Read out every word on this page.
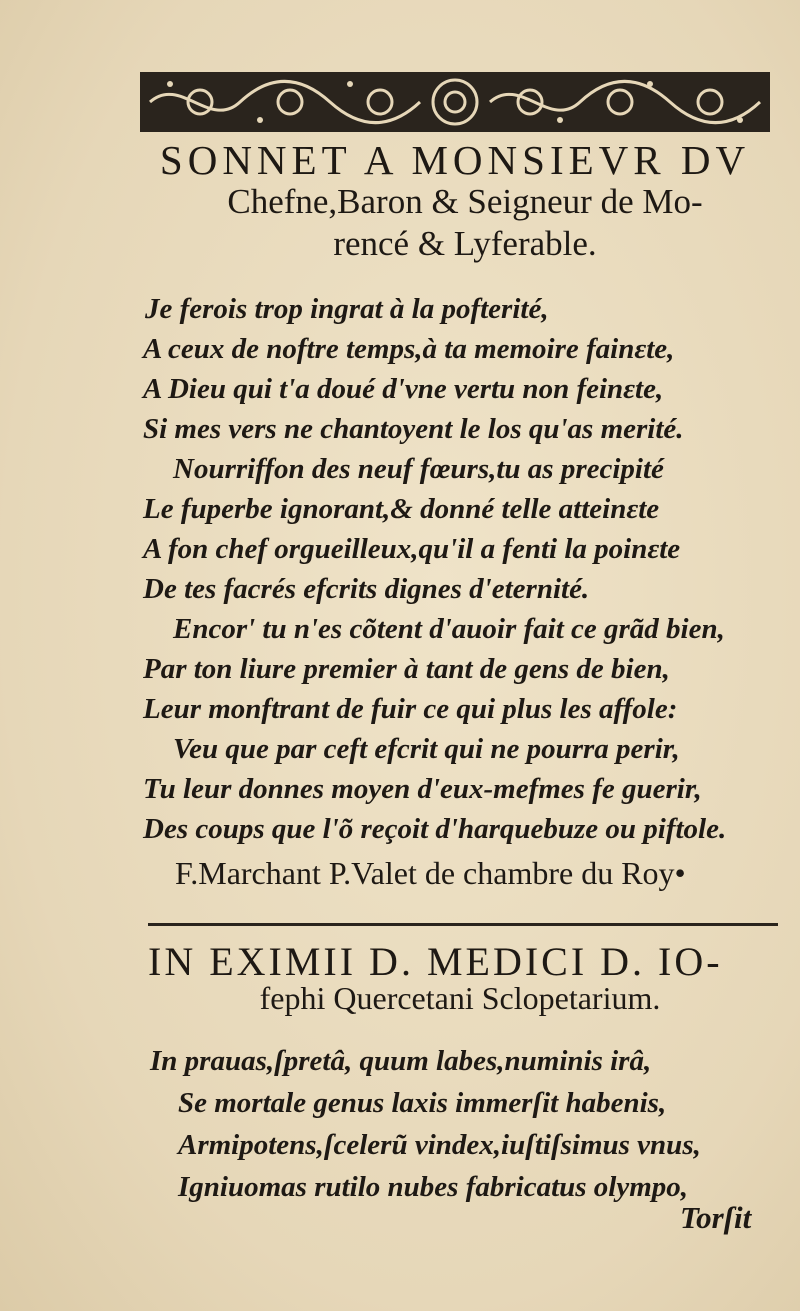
SONNET A MONSIEVR DV
Chefne,Baron & Seigneur de Mo-
rencé & Lyferable.
Je ferois trop ingrat à la pofterité,
A ceux de noftre temps,à ta memoire fainɛte,
A Dieu qui t'a doué d'vne vertu non feinɛte,
Si mes vers ne chantoyent le los qu'as merité.
Nourriffon des neuf fœurs,tu as precipité
Le fuperbe ignorant,& donné telle atteinɛte
A fon chef orgueilleux,qu'il a fenti la poinɛte
De tes facrés efcrits dignes d'eternité.
Encor' tu n'es cõtent d'auoir fait ce grãd bien,
Par ton liure premier à tant de gens de bien,
Leur monftrant de fuir ce qui plus les affole:
Veu que par ceft efcrit qui ne pourra perir,
Tu leur donnes moyen d'eux-mefmes fe guerir,
Des coups que l'õ reçoit d'harquebuze ou piftole.
F.Marchant P.Valet de chambre du Roy•
IN EXIMII D. MEDICI D. IO-
fephi Quercetani Sclopetarium.
In prauas,ſpretâ, quum labes,numinis irâ,
Se mortale genus laxis immerſit habenis,
Armipotens,ſcelerũ vindex,iuſtiſsimus vnus,
Igniuomas rutilo nubes fabricatus olympo,
Torſit
